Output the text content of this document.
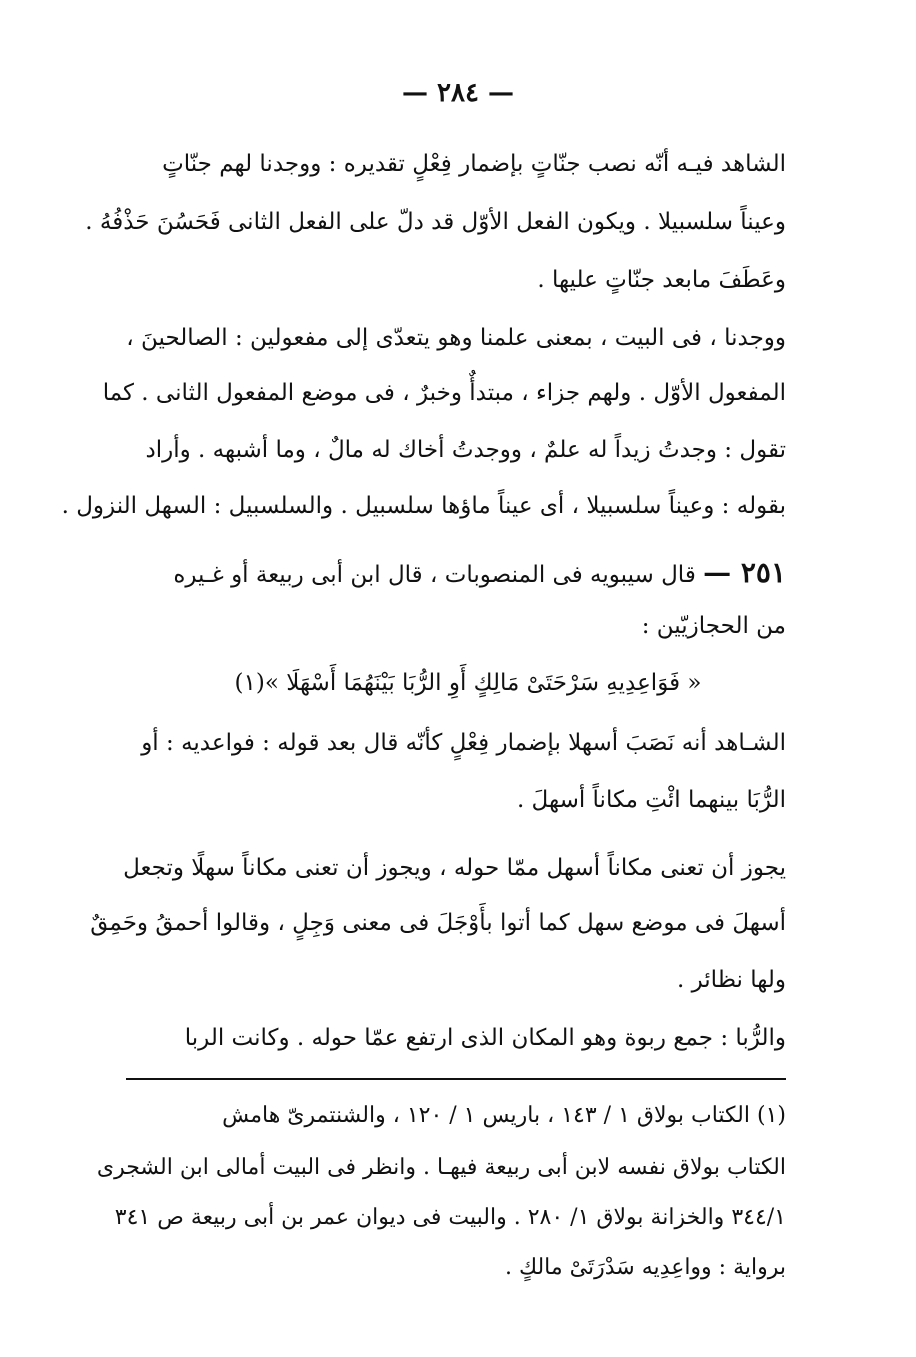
— ٢٨٤ —
الشاهد فيـه أنّه نصب جنّاتٍ بإضمار فِعْلٍ تقديره : ووجدنا لهم جنّاتٍ
وعيناً سلسبيلا . ويكون الفعل الأوّل قد دلّ على الفعل الثانى فَحَسُنَ حَذْفُهُ .
وعَطَفَ مابعد جنّاتٍ عليها .
ووجدنا ، فى البيت ، بمعنى علمنا وهو يتعدّى إلى مفعولين : الصالحينَ ،
المفعول الأوّل . ولهم جزاء ، مبتدأٌ وخبرٌ ، فى موضع المفعول الثانى . كما
تقول : وجدتُ زيداً له علمٌ ، ووجدتُ أخاك له مالٌ ، وما أشبهه . وأراد
بقوله : وعيناً سلسبيلا ، أى عيناً ماؤها سلسبيل . والسلسبيل : السهل النزول .
٢٥١ — قال سيبويه فى المنصوبات ، قال ابن أبى ربيعة أو غـيره
من الحجازيّين :
« فَوَاعِدِيهِ سَرْحَتَىْ مَالِكٍ أَوِ الرُّبَا بَيْنَهُمَا أَسْهَلَا »(١)
الشـاهد أنه نَصَبَ أسهلا بإضمار فِعْلٍ كأنّه قال بعد قوله : فواعديه : أو
الرُّبَا بينهما ائْتِ مكاناً أسهلَ .
يجوز أن تعنى مكاناً أسهل ممّا حوله ، ويجوز أن تعنى مكاناً سهلًا وتجعل
أسهلَ فى موضع سهل كما أتوا بأَوْجَلَ فى معنى وَجِلٍ ، وقالوا أحمقُ وحَمِقٌ
ولها نظائر .
والرُّبا : جمع ربوة وهو المكان الذى ارتفع عمّا حوله . وكانت الربا
(١) الكتاب بولاق ١ / ١٤٣ ، باريس ١ / ١٢٠ ، والشنتمرىّ هامش
الكتاب بولاق نفسه لابن أبى ربيعة فيهـا . وانظر فى البيت أمالى ابن الشجرى
٣٤٤/١ والخزانة بولاق ١/ ٢٨٠ . والبيت فى ديوان عمر بن أبى ربيعة ص ٣٤١
برواية : وواعِدِيه سَدْرَتَىْ مالكٍ .
